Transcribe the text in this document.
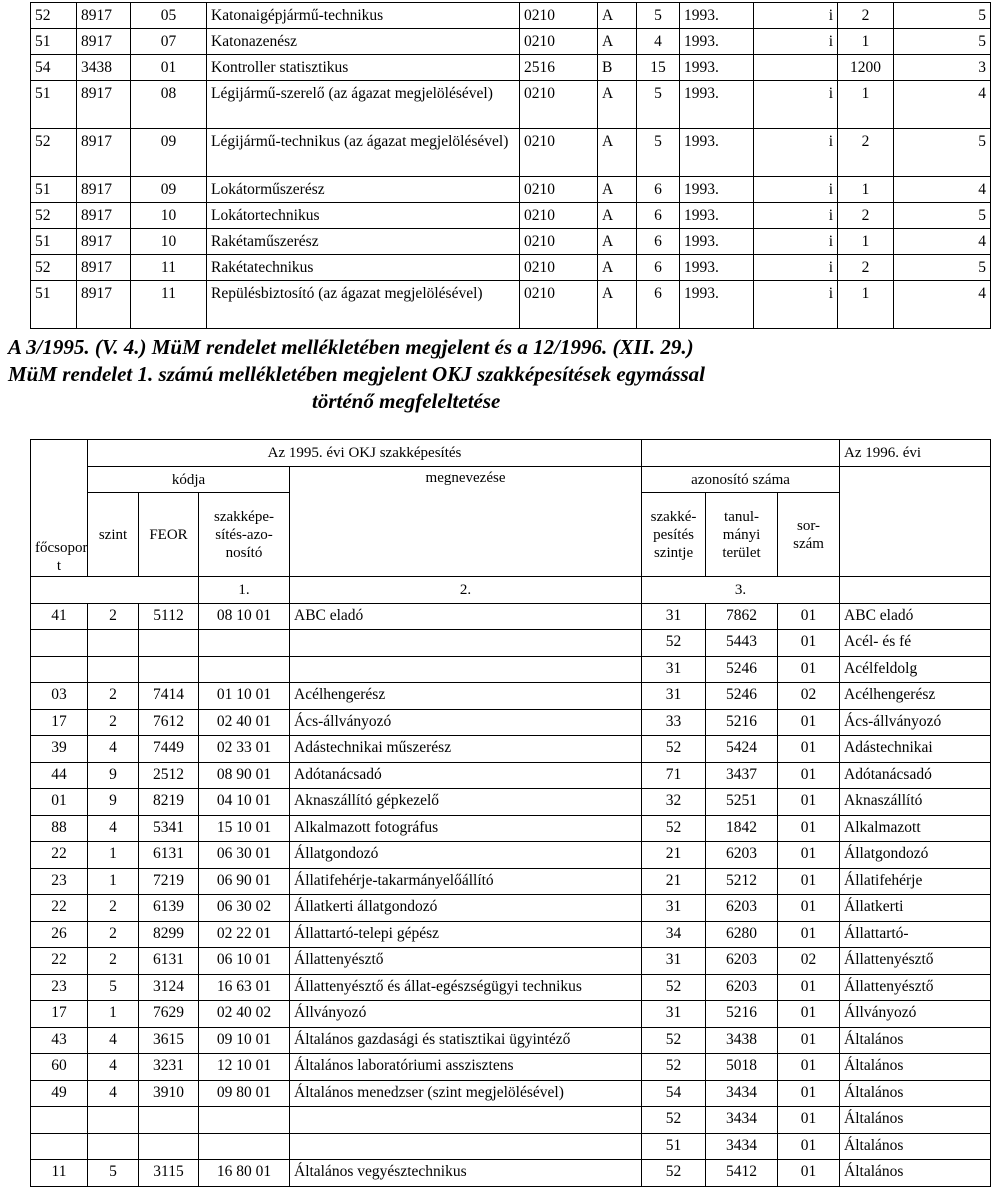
52	8917	05	Katonaigépjármű-technikus	0210	A	5	1993.	i	2	5
51	8917	07	Katonazenész	0210	A	4	1993.	i	1	5
54	3438	01	Kontroller statisztikus	2516	B	15	1993.		1200	3
51	8917	08	Légijármű-szerelő (az ágazat megjelölésével)	0210	A	5	1993.	i	1	4
52	8917	09	Légijármű-technikus (az ágazat megjelölésével)	0210	A	5	1993.	i	2	5
51	8917	09	Lokátorműszerész	0210	A	6	1993.	i	1	4
52	8917	10	Lokátortechnikus	0210	A	6	1993.	i	2	5
51	8917	10	Rakétaműszerész	0210	A	6	1993.	i	1	4
52	8917	11	Rakétatechnikus	0210	A	6	1993.	i	2	5
51	8917	11	Repülésbiztosító (az ágazat megjelölésével)	0210	A	6	1993.	i	1	4
A 3/1995. (V. 4.) MüM rendelet mellékletében megjelent és a 12/1996. (XII. 29.)
MüM rendelet 1. számú mellékletében megjelent OKJ szakképesítések egymással
történő megfeleltetése
főcsopor t	Az 1995. évi OKJ szakképesítés							Az 1996. évi
	kódja			megnevezése	azonosító száma			
	szint	FEOR	szakképe- sítés-azo- nosító		szakké- pesítés szintje	tanul- mányi terület	sor- szám	
			1.	2.	3.			
41	2	5112	08 10 01	ABC eladó	31	7862	01	ABC eladó
					52	5443	01	Acél- és fé
					31	5246	01	Acélfeldolg
03	2	7414	01 10 01	Acélhengerész	31	5246	02	Acélhengerész
17	2	7612	02 40 01	Ács-állványozó	33	5216	01	Ács-állványozó
39	4	7449	02 33 01	Adástechnikai műszerész	52	5424	01	Adástechnikai
44	9	2512	08 90 01	Adótanácsadó	71	3437	01	Adótanácsadó
01	9	8219	04 10 01	Aknaszállító gépkezelő	32	5251	01	Aknaszállító
88	4	5341	15 10 01	Alkalmazott fotográfus	52	1842	01	Alkalmazott
22	1	6131	06 30 01	Állatgondozó	21	6203	01	Állatgondozó
23	1	7219	06 90 01	Állatifehérje-takarmányelőállító	21	5212	01	Állatifehérje
22	2	6139	06 30 02	Állatkerti állatgondozó	31	6203	01	Állatkerti
26	2	8299	02 22 01	Állattartó-telepi gépész	34	6280	01	Állattartó-
22	2	6131	06 10 01	Állattenyésztő	31	6203	02	Állattenyésztő
23	5	3124	16 63 01	Állattenyésztő és állat-egészségügyi technikus	52	6203	01	Állattenyésztő
17	1	7629	02 40 02	Állványozó	31	5216	01	Állványozó
43	4	3615	09 10 01	Általános gazdasági és statisztikai ügyintéző	52	3438	01	Általános
60	4	3231	12 10 01	Általános laboratóriumi asszisztens	52	5018	01	Általános
49	4	3910	09 80 01	Általános menedzser (szint megjelölésével)	54	3434	01	Általános
					52	3434	01	Általános
					51	3434	01	Általános
11	5	3115	16 80 01	Általános vegyésztechnikus	52	5412	01	Általános
